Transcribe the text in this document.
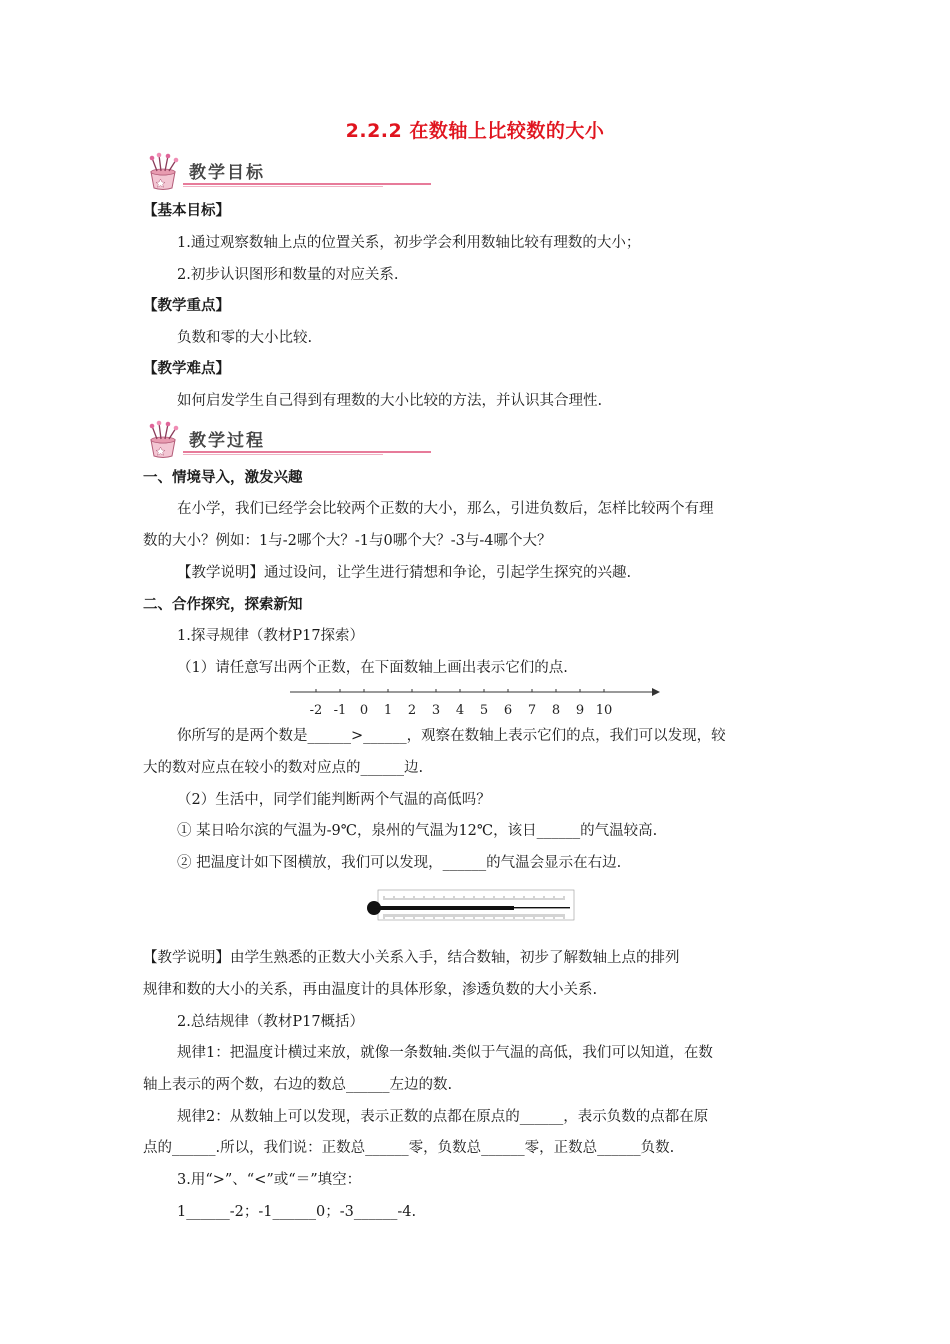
2.2.2 在数轴上比较数的大小
教学目标
【基本目标】
1.通过观察数轴上点的位置关系，初步学会利用数轴比较有理数的大小；
2.初步认识图形和数量的对应关系.
【教学重点】
负数和零的大小比较.
【教学难点】
如何启发学生自己得到有理数的大小比较的方法，并认识其合理性.
教学过程
一、情境导入，激发兴趣
在小学，我们已经学会比较两个正数的大小，那么，引进负数后，怎样比较两个有理
数的大小？例如：1与-2哪个大？-1与0哪个大？-3与-4哪个大？
【教学说明】通过设问，让学生进行猜想和争论，引起学生探究的兴趣.
二、合作探究，探索新知
1.探寻规律（教材P17探索）
（1）请任意写出两个正数，在下面数轴上画出表示它们的点.
-2 -1 0 1 2 3 4 5 6 7 8 9 10
你所写的是两个数是______>______，观察在数轴上表示它们的点，我们可以发现，较
大的数对应点在较小的数对应点的______边.
（2）生活中，同学们能判断两个气温的高低吗？
① 某日哈尔滨的气温为-9℃，泉州的气温为12℃，该日______的气温较高.
② 把温度计如下图横放，我们可以发现，______的气温会显示在右边.
【教学说明】由学生熟悉的正数大小关系入手，结合数轴，初步了解数轴上点的排列
规律和数的大小的关系，再由温度计的具体形象，渗透负数的大小关系.
2.总结规律（教材P17概括）
规律1：把温度计横过来放，就像一条数轴.类似于气温的高低，我们可以知道，在数
轴上表示的两个数，右边的数总______左边的数.
规律2：从数轴上可以发现，表示正数的点都在原点的______，表示负数的点都在原
点的______.所以，我们说：正数总______零，负数总______零，正数总______负数.
3.用“>”、“<”或“＝”填空：
1______-2；-1______0；-3______-4.
